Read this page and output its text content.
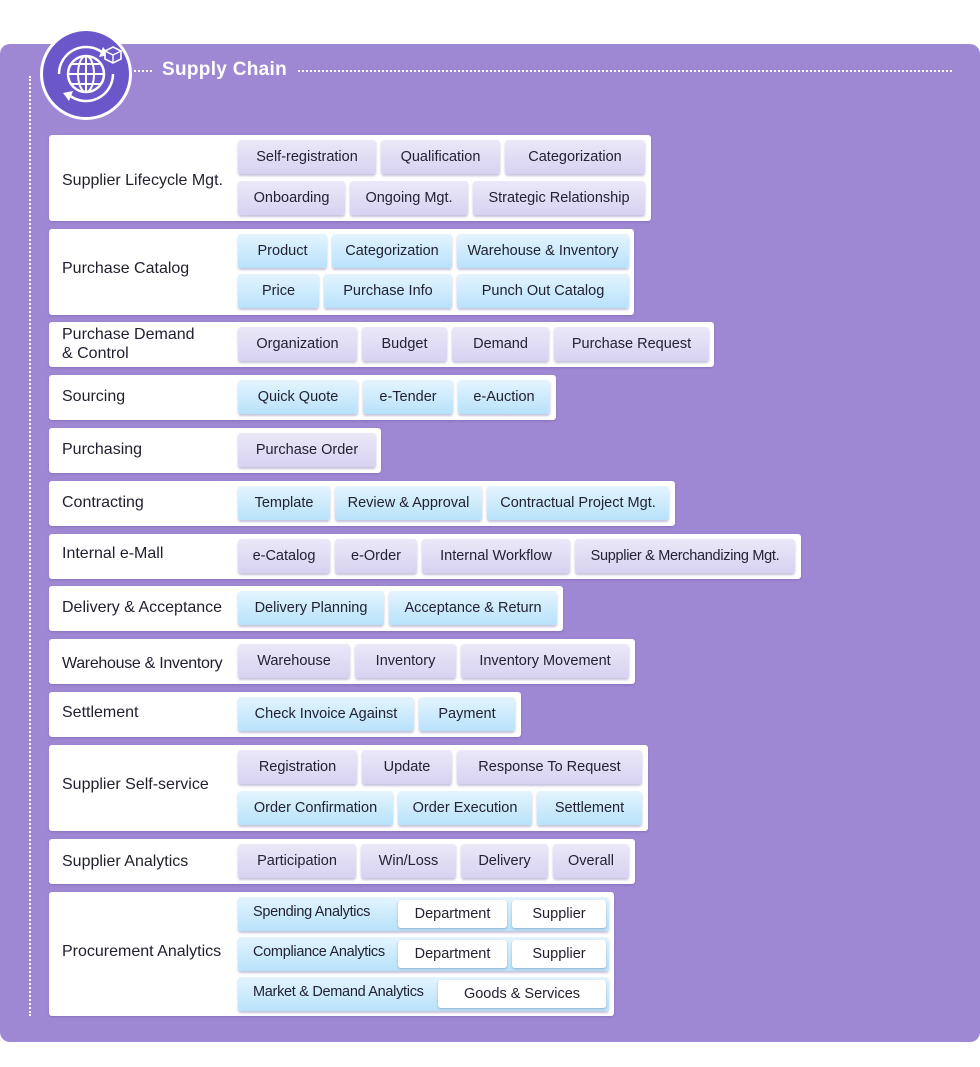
Supply Chain
Supplier Lifecycle Mgt.
Self-registration	Qualification	Categorization
Onboarding	Ongoing Mgt.	Strategic Relationship
Purchase Catalog
Product	Categorization	Warehouse & Inventory
Price	Purchase Info	Punch Out Catalog
Purchase Demand
& Control
Organization	Budget	Demand	Purchase Request
Sourcing	Quick Quote	e-Tender	e-Auction
Purchasing	Purchase Order
Contracting	Template	Review & Approval	Contractual Project Mgt.
Internal e-Mall	e-Catalog	e-Order	Internal Workflow	Supplier & Merchandizing Mgt.
Delivery & Acceptance	Delivery Planning	Acceptance & Return
Warehouse & Inventory	Warehouse	Inventory	Inventory Movement
Settlement	Check Invoice Against	Payment
Supplier Self-service
Registration	Update	Response To Request
Order Confirmation	Order Execution	Settlement
Supplier Analytics	Participation	Win/Loss	Delivery	Overall
Procurement Analytics
Spending Analytics	Department	Supplier
Compliance Analytics	Department	Supplier
Market & Demand Analytics	Goods & Services
